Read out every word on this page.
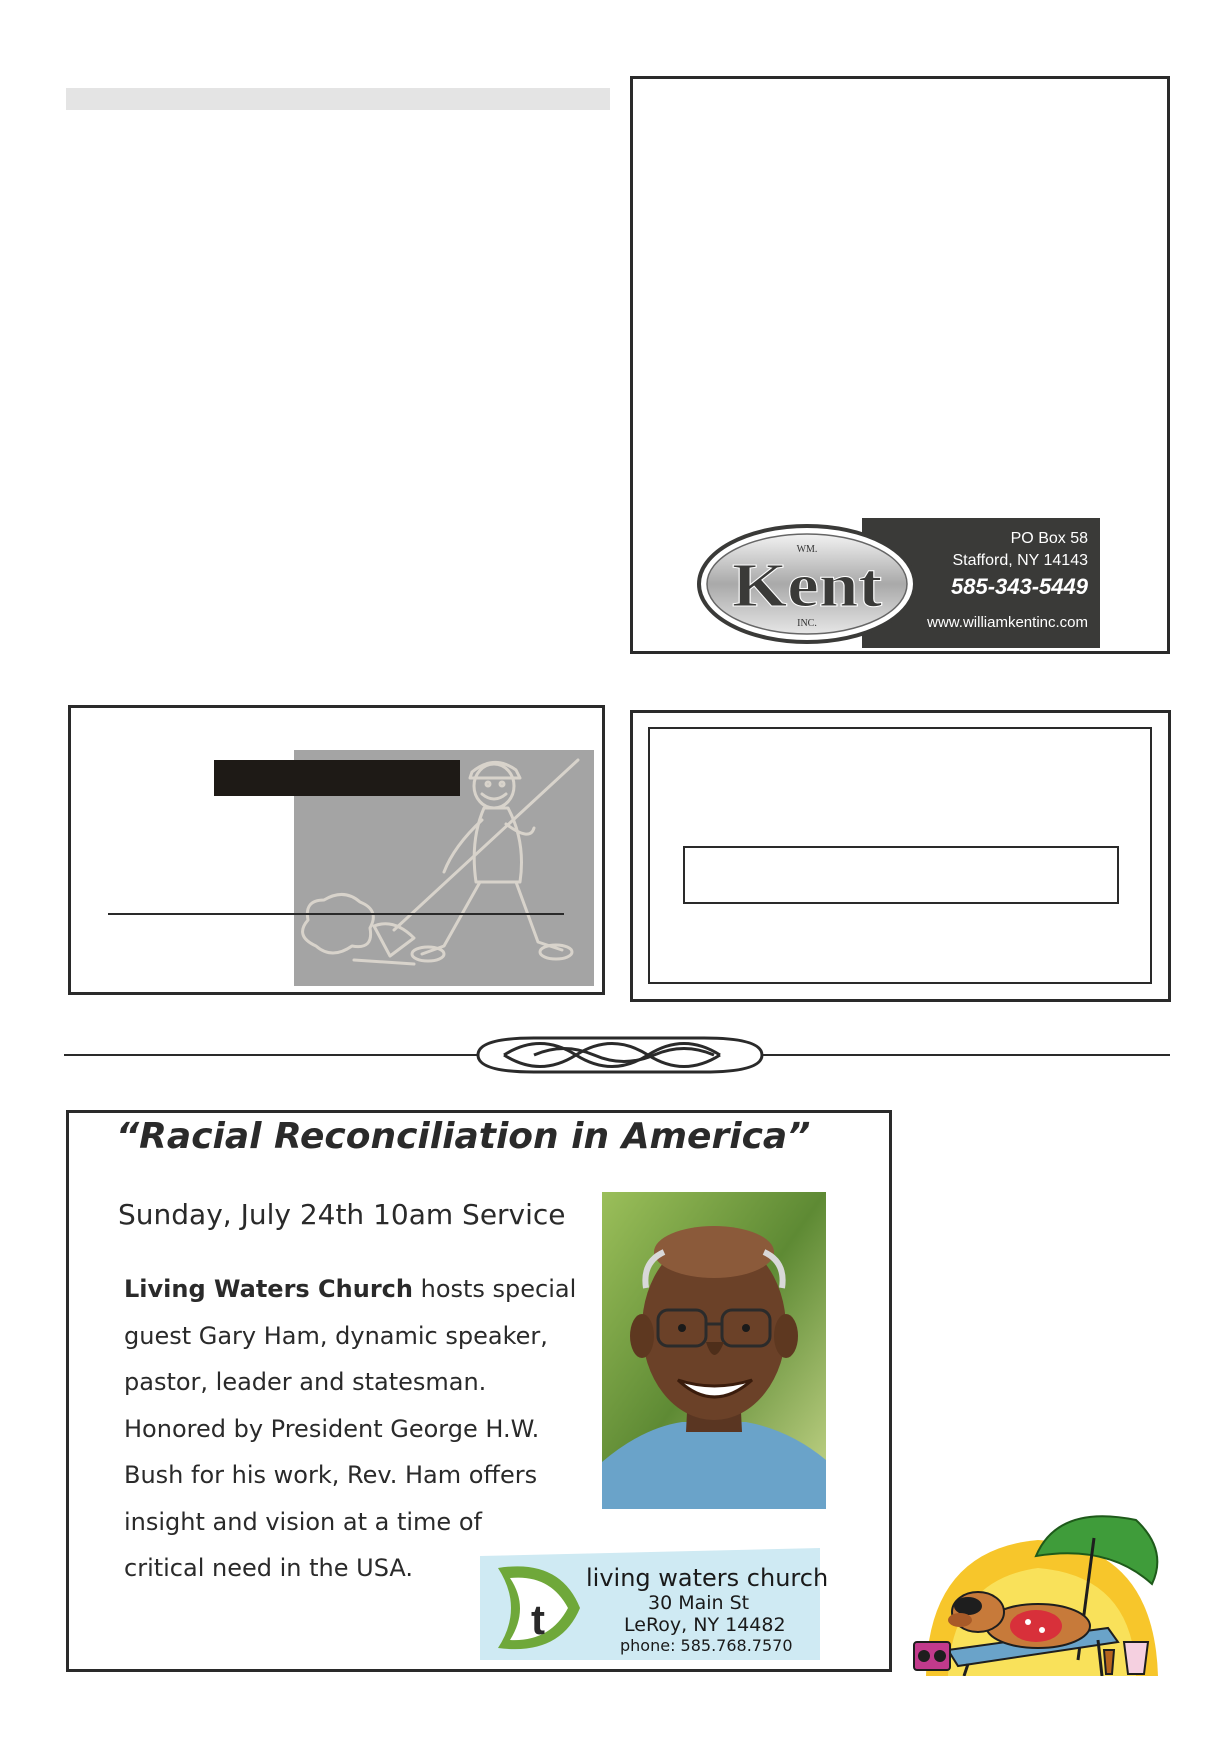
PO Box 58
Stafford, NY 14143
585-343-5449
www.williamkentinc.com
WM.
Kent
INC.
“Racial Reconciliation in America”
Sunday, July 24th 10am Service
Living Waters Church hosts special
guest Gary Ham, dynamic speaker,
pastor, leader and statesman.
Honored by President George H.W.
Bush for his work, Rev. Ham offers
insight and vision at a time of
critical need in the USA.
t
living waters church
30 Main St
LeRoy, NY 14482
phone: 585.768.7570
